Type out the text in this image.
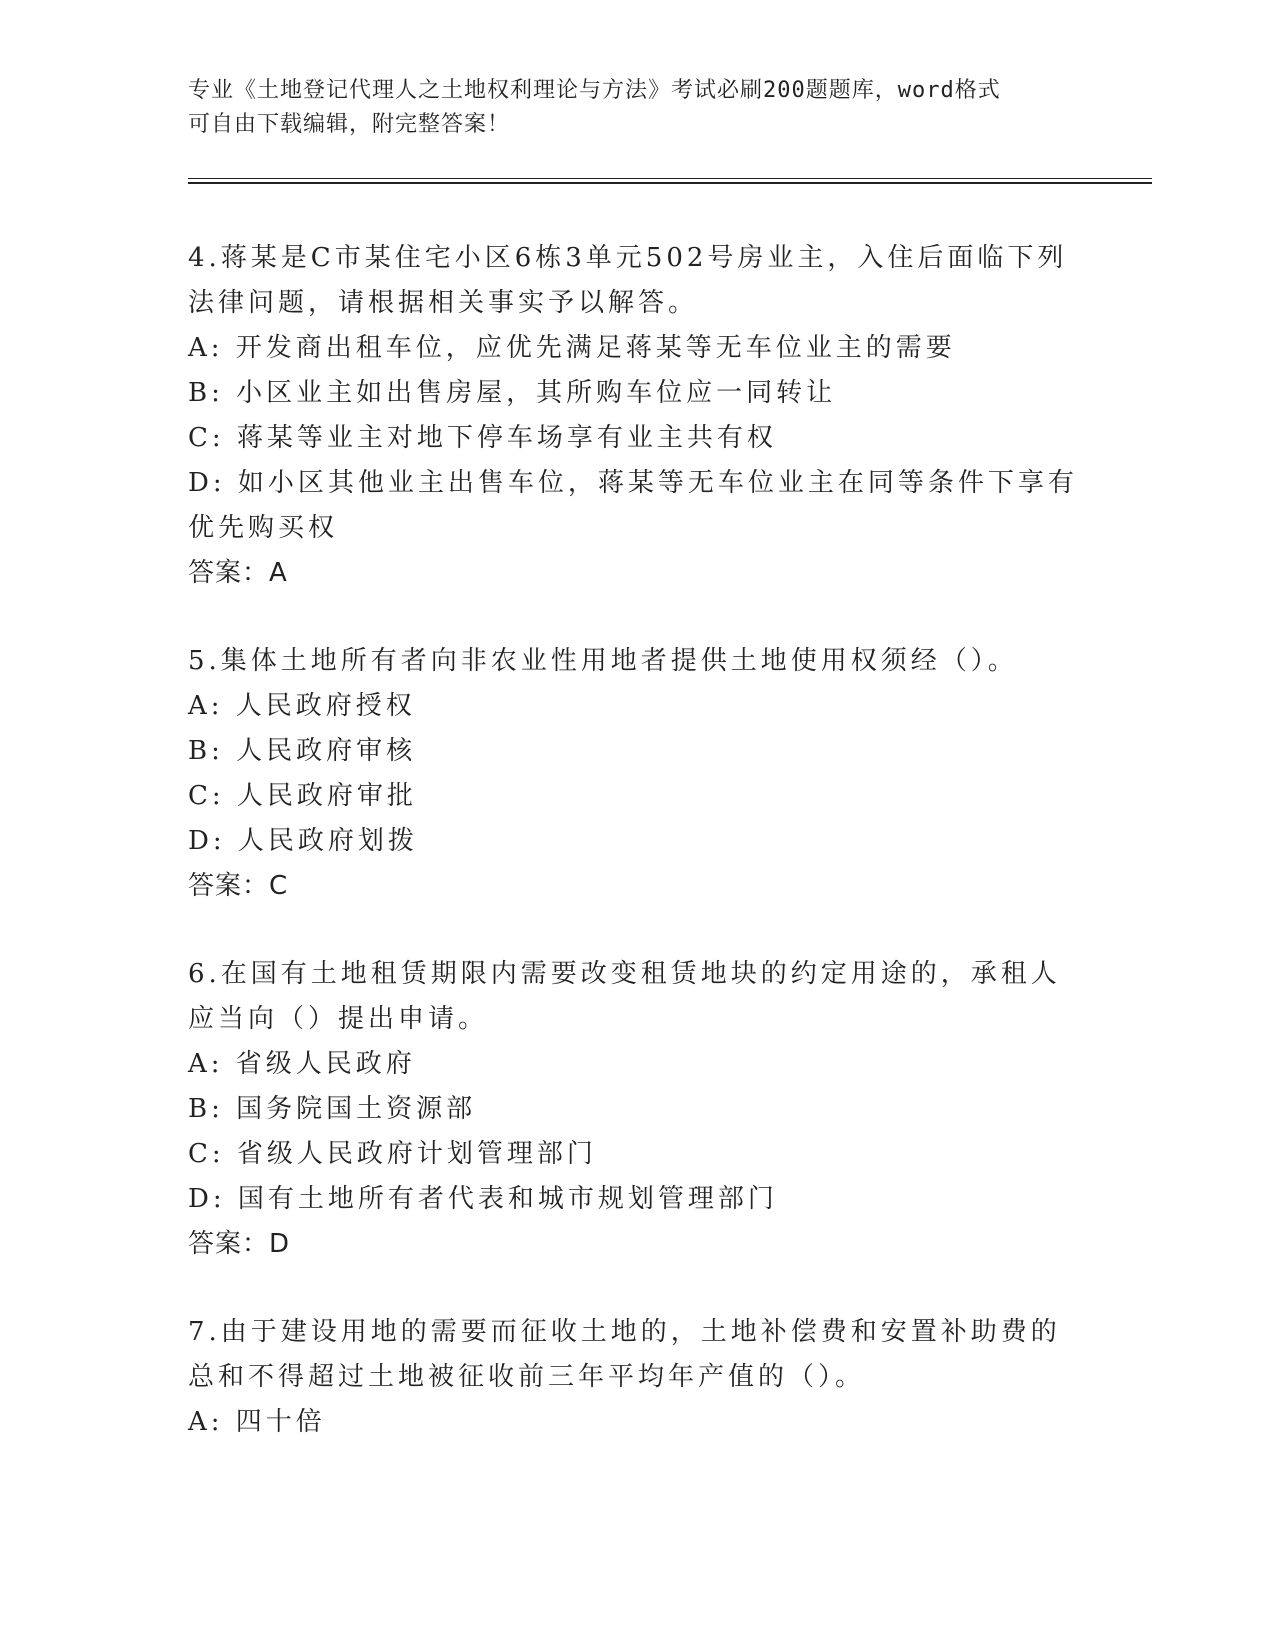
专业《土地登记代理人之土地权利理论与方法》考试必刷200题题库，word格式
可自由下载编辑，附完整答案！

4.蒋某是C市某住宅小区6栋3单元502号房业主，入住后面临下列法律问题，请根据相关事实予以解答。

A: 开发商出租车位，应优先满足蒋某等无车位业主的需要

B: 小区业主如出售房屋，其所购车位应一同转让

C: 蒋某等业主对地下停车场享有业主共有权

D: 如小区其他业主出售车位，蒋某等无车位业主在同等条件下享有优先购买权

答案：A

5.集体土地所有者向非农业性用地者提供土地使用权须经（）。

A: 人民政府授权

B: 人民政府审核

C: 人民政府审批

D: 人民政府划拨

答案：C

6.在国有土地租赁期限内需要改变租赁地块的约定用途的，承租人应当向（）提出申请。

A: 省级人民政府

B: 国务院国土资源部

C: 省级人民政府计划管理部门

D: 国有土地所有者代表和城市规划管理部门

答案：D

7.由于建设用地的需要而征收土地的，土地补偿费和安置补助费的总和不得超过土地被征收前三年平均年产值的（）。

A: 四十倍
